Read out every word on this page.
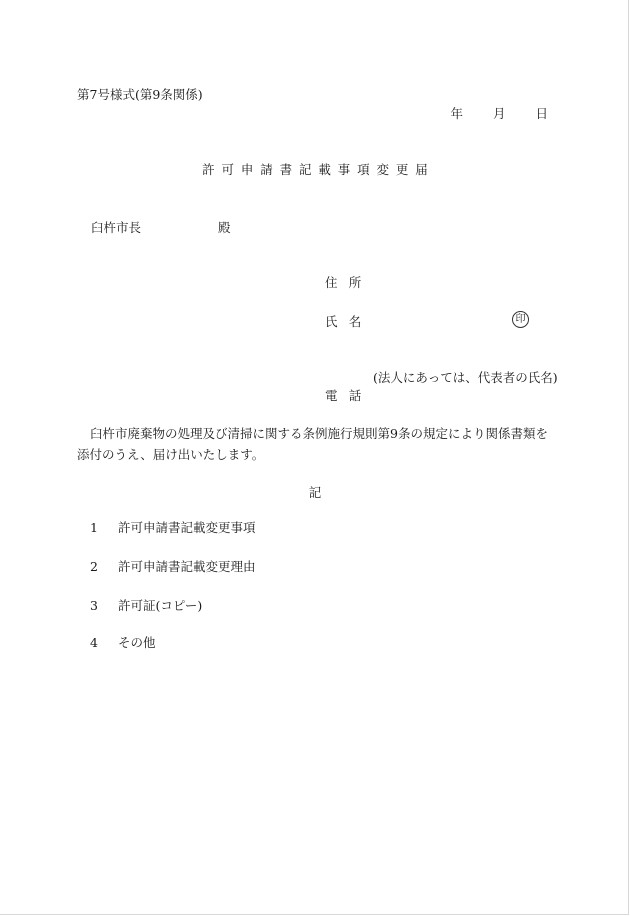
第7号様式(第9条関係)
年 月 日
許可申請書記載事項変更届
臼杵市長	殿
住所
氏名	印
(法人にあっては、代表者の氏名)
電話
臼杵市廃棄物の処理及び清掃に関する条例施行規則第9条の規定により関係書類を添付のうえ、届け出いたします。
記
1 許可申請書記載変更事項
2 許可申請書記載変更理由
3 許可証(コピー)
4 その他
